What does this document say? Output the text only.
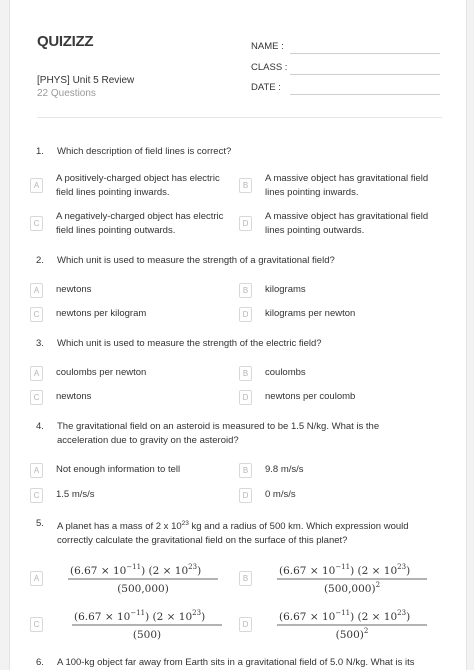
QUIZIZZ
[PHYS] Unit 5 Review
22 Questions
NAME :
CLASS :
DATE :
1. Which description of field lines is correct?
A
A positively-charged object has electric field lines pointing inwards.
B
A massive object has gravitational field lines pointing inwards.
C
A negatively-charged object has electric field lines pointing outwards.
D
A massive object has gravitational field lines pointing outwards.
2. Which unit is used to measure the strength of a gravitational field?
A	newtons	B	kilograms
C	newtons per kilogram	D	kilograms per newton
3. Which unit is used to measure the strength of the electric field?
A	coulombs per newton	B	coulombs
C	newtons	D	newtons per coulomb
4. The gravitational field on an asteroid is measured to be 1.5 N/kg. What is the acceleration due to gravity on the asteroid?
A	Not enough information to tell	B	9.8 m/s/s
C	1.5 m/s/s	D	0 m/s/s
5. A planet has a mass of 2 x $10^{23}$ kg and a radius of 500 km. Which expression would correctly calculate the gravitational field on the surface of this planet?
A
$(6.67 \times 10^{-11})$ $(2 \times 10^{23})$
(500,000)
B
$(6.67 \times 10^{-11})$ $(2 \times 10^{23})$
$(500,000)^2$
C
$(6.67 \times 10^{-11})$ $(2 \times 10^{23})$
(500)
D
$(6.67 \times 10^{-11})$ $(2 \times 10^{23})$
$(500)^2$
6. A 100-kg object far away from Earth sits in a gravitational field of 5.0 N/kg. What is its
